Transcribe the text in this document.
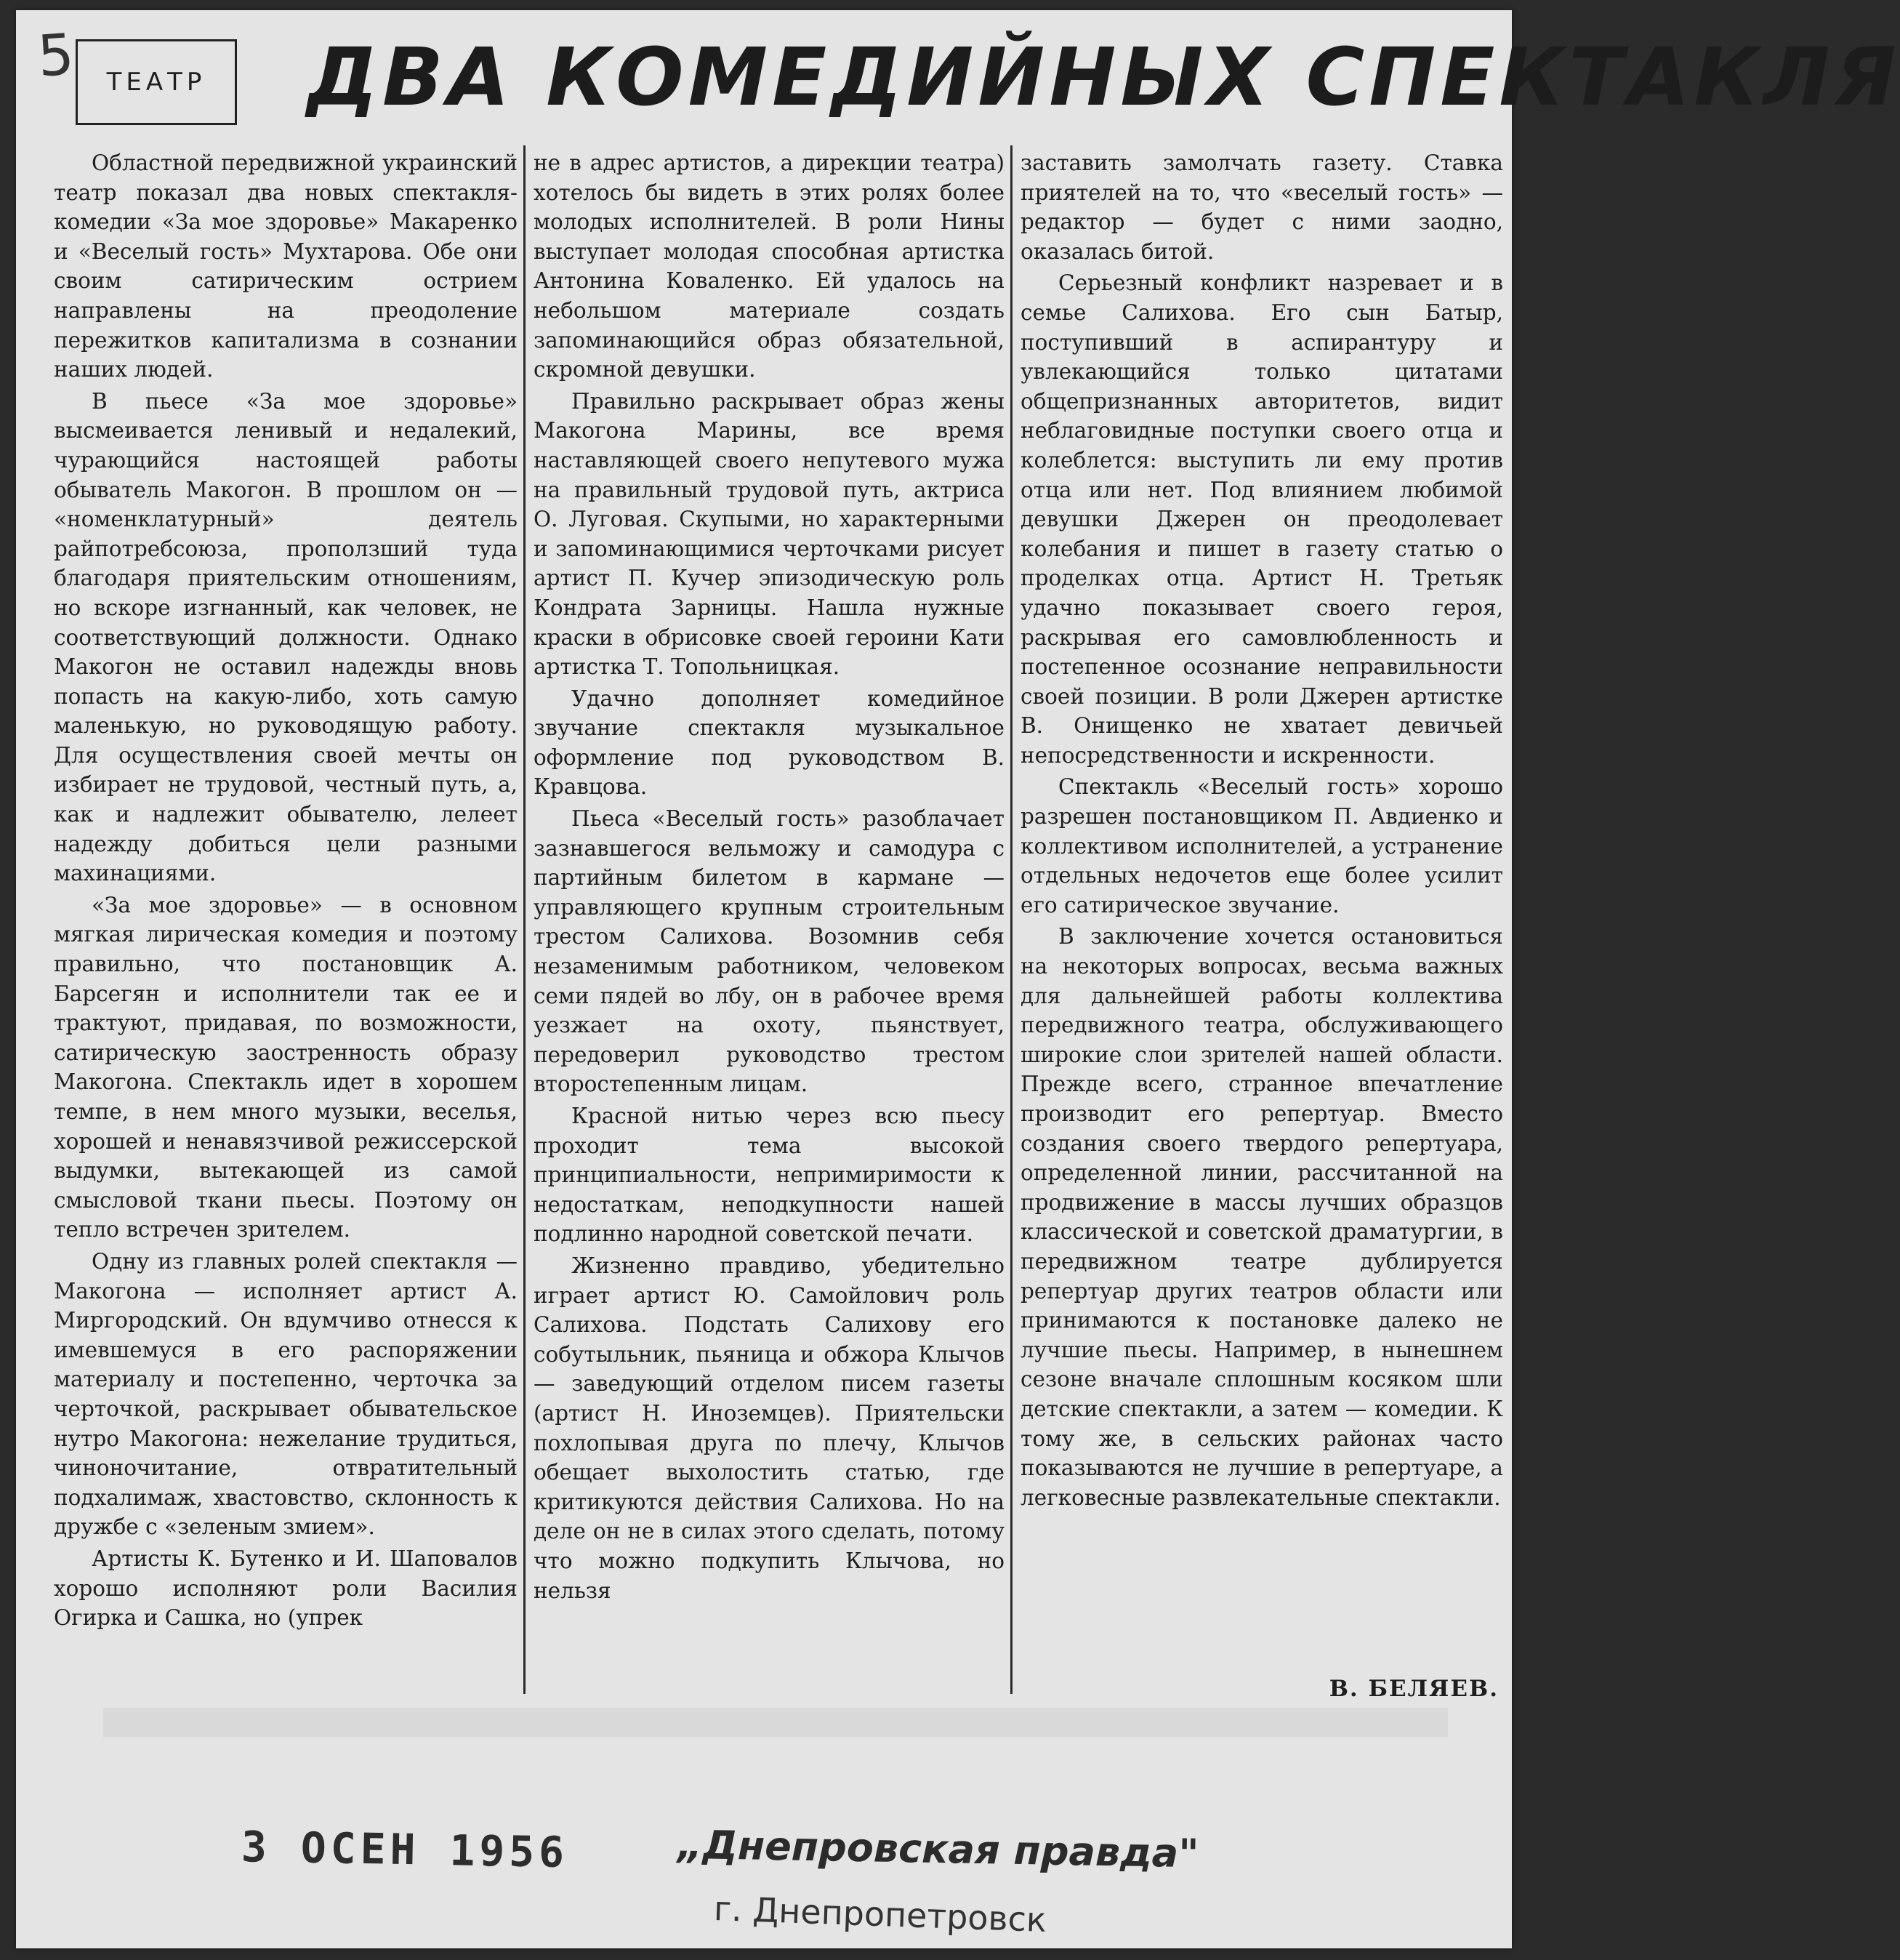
5 ТЕАТР ДВА КОМЕДИЙНЫХ СПЕКТАКЛЯ

Областной передвижной украинский театр показал два новых спектакля-комедии «За мое здоровье» Макаренко и «Веселый гость» Мухтарова. Обе они своим сатирическим острием направлены на преодоление пережитков капитализма в сознании наших людей.

В пьесе «За мое здоровье» высмеивается ленивый и недалекий, чурающийся настоящей работы обыватель Макогон. В прошлом он — «номенклатурный» деятель райпотребсоюза, проползший туда благодаря приятельским отношениям, но вскоре изгнанный, как человек, не соответствующий должности. Однако Макогон не оставил надежды вновь попасть на какую-либо, хоть самую маленькую, но руководящую работу. Для осуществления своей мечты он избирает не трудовой, честный путь, а, как и надлежит обывателю, лелеет надежду добиться цели разными махинациями.

«За мое здоровье» — в основном мягкая лирическая комедия и поэтому правильно, что постановщик А. Барсегян и исполнители так ее и трактуют, придавая, по возможности, сатирическую заостренность образу Макогона. Спектакль идет в хорошем темпе, в нем много музыки, веселья, хорошей и ненавязчивой режиссерской выдумки, вытекающей из самой смысловой ткани пьесы. Поэтому он тепло встречен зрителем.

Одну из главных ролей спектакля — Макогона — исполняет артист А. Миргородский. Он вдумчиво отнесся к имевшемуся в его распоряжении материалу и постепенно, черточка за черточкой, раскрывает обывательское нутро Макогона: нежелание трудиться, чиноночитание, отвратительный подхалимаж, хвастовство, склонность к дружбе с «зеленым змием».

Артисты К. Бутенко и И. Шаповалов хорошо исполняют роли Василия Огирка и Сашка, но (упрек

не в адрес артистов, а дирекции театра) хотелось бы видеть в этих ролях более молодых исполнителей. В роли Нины выступает молодая способная артистка Антонина Коваленко. Ей удалось на небольшом материале создать запоминающийся образ обязательной, скромной девушки.

Правильно раскрывает образ жены Макогона Марины, все время наставляющей своего непутевого мужа на правильный трудовой путь, актриса О. Луговая. Скупыми, но характерными и запоминающимися черточками рисует артист П. Кучер эпизодическую роль Кондрата Зарницы. Нашла нужные краски в обрисовке своей героини Кати артистка Т. Топольницкая.

Удачно дополняет комедийное звучание спектакля музыкальное оформление под руководством В. Кравцова.

Пьеса «Веселый гость» разоблачает зазнавшегося вельможу и самодура с партийным билетом в кармане — управляющего крупным строительным трестом Салихова. Возомнив себя незаменимым работником, человеком семи пядей во лбу, он в рабочее время уезжает на охоту, пьянствует, передоверил руководство трестом второстепенным лицам.

Красной нитью через всю пьесу проходит тема высокой принципиальности, непримиримости к недостаткам, неподкупности нашей подлинно народной советской печати.

Жизненно правдиво, убедительно играет артист Ю. Самойлович роль Салихова. Подстать Салихову его собутыльник, пьяница и обжора Клычов — заведующий отделом писем газеты (артист Н. Иноземцев). Приятельски похлопывая друга по плечу, Клычов обещает выхолостить статью, где критикуются действия Салихова. Но на деле он не в силах этого сделать, потому что можно подкупить Клычова, но нельзя

заставить замолчать газету. Ставка приятелей на то, что «веселый гость» — редактор — будет с ними заодно, оказалась битой.

Серьезный конфликт назревает и в семье Салихова. Его сын Батыр, поступивший в аспирантуру и увлекающийся только цитатами общепризнанных авторитетов, видит неблаговидные поступки своего отца и колеблется: выступить ли ему против отца или нет. Под влиянием любимой девушки Джерен он преодолевает колебания и пишет в газету статью о проделках отца. Артист Н. Третьяк удачно показывает своего героя, раскрывая его самовлюбленность и постепенное осознание неправильности своей позиции. В роли Джерен артистке В. Онищенко не хватает девичьей непосредственности и искренности.

Спектакль «Веселый гость» хорошо разрешен постановщиком П. Авдиенко и коллективом исполнителей, а устранение отдельных недочетов еще более усилит его сатирическое звучание.

В заключение хочется остановиться на некоторых вопросах, весьма важных для дальнейшей работы коллектива передвижного театра, обслуживающего широкие слои зрителей нашей области. Прежде всего, странное впечатление производит его репертуар. Вместо создания своего твердого репертуара, определенной линии, рассчитанной на продвижение в массы лучших образцов классической и советской драматургии, в передвижном театре дублируется репертуар других театров области или принимаются к постановке далеко не лучшие пьесы. Например, в нынешнем сезоне вначале сплошным косяком шли детские спектакли, а затем — комедии. К тому же, в сельских районах часто показываются не лучшие в репертуаре, а легковесные развлекательные спектакли.

В. БЕЛЯЕВ.
3 ОСЕН 1956	„Днепровская правда"
г. Днепропетровск
